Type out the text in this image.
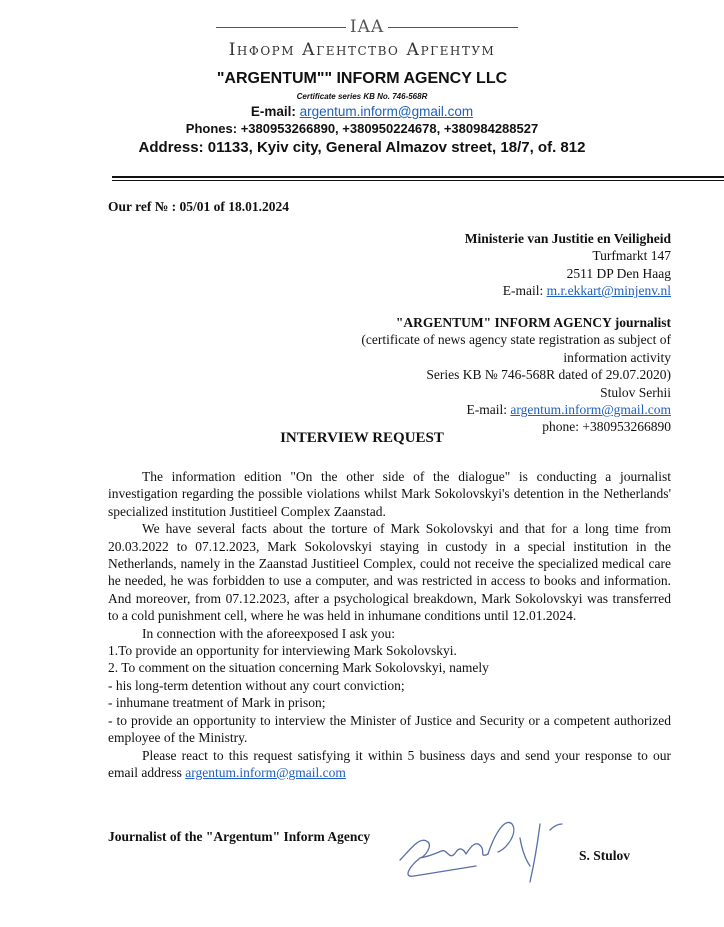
IAA
Інформ Агентство Аргентум
"ARGENTUM"" INFORM AGENCY LLC
Certificate series KB No. 746-568R
E-mail: argentum.inform@gmail.com
Phones: +380953266890, +380950224678, +380984288527
Address: 01133, Kyiv city, General Almazov street, 18/7, of. 812
Our ref № : 05/01 of 18.01.2024
Ministerie van Justitie en Veiligheid
Turfmarkt 147
2511 DP Den Haag
E-mail: m.r.ekkart@minjenv.nl
"ARGENTUM" INFORM AGENCY journalist
(certificate of news agency state registration as subject of
information activity
Series KB № 746-568R dated of 29.07.2020)
Stulov Serhii
E-mail: argentum.inform@gmail.com
phone: +380953266890
INTERVIEW REQUEST

The information edition "On the other side of the dialogue" is conducting a journalist investigation regarding the possible violations whilst Mark Sokolovskyi's detention in the Netherlands' specialized institution Justitieel Complex Zaanstad.

We have several facts about the torture of Mark Sokolovskyi and that for a long time from 20.03.2022 to 07.12.2023, Mark Sokolovskyi staying in custody in a special institution in the Netherlands, namely in the Zaanstad Justitieel Complex, could not receive the specialized medical care he needed, he was forbidden to use a computer, and was restricted in access to books and information. And moreover, from 07.12.2023, after a psychological breakdown, Mark Sokolovskyi was transferred to a cold punishment cell, where he was held in inhumane conditions until 12.01.2024.

In connection with the aforeexposed I ask you:

1.To provide an opportunity for interviewing Mark Sokolovskyi.

2. To comment on the situation concerning Mark Sokolovskyi, namely

- his long-term detention without any court conviction;

- inhumane treatment of Mark in prison;

- to provide an opportunity to interview the Minister of Justice and Security or a competent authorized employee of the Ministry.

Please react to this request satisfying it within 5 business days and send your response to our email address argentum.inform@gmail.com

Journalist of the "Argentum" Inform Agency
S. Stulov
